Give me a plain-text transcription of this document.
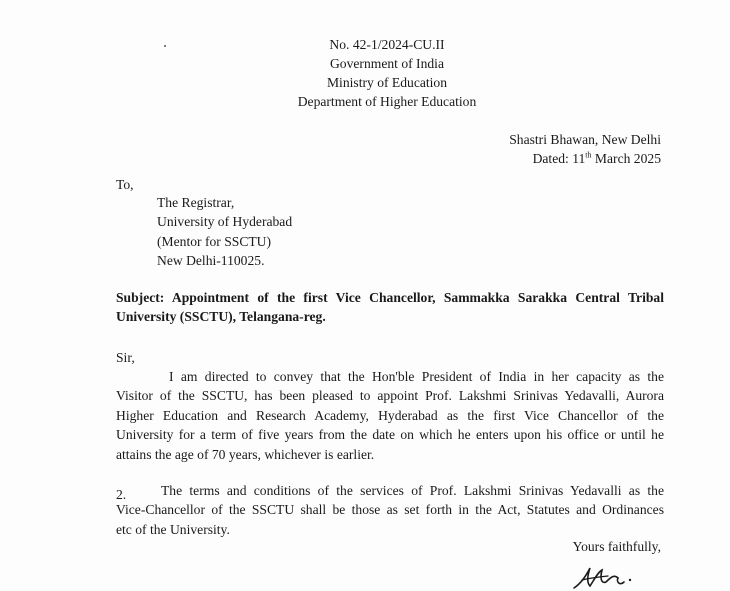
No. 42-1/2024-CU.II
Government of India
Ministry of Education
Department of Higher Education
Shastri Bhawan, New Delhi
Dated: 11th March 2025
To,
The Registrar,
University of Hyderabad
(Mentor for SSCTU)
New Delhi-110025.
Subject: Appointment of the first Vice Chancellor, Sammakka Sarakka Central Tribal
University (SSCTU), Telangana-reg.
Sir,
I am directed to convey that the Hon'ble President of India in her capacity as the
Visitor of the SSCTU, has been pleased to appoint Prof. Lakshmi Srinivas Yedavalli, Aurora
Higher Education and Research Academy, Hyderabad as the first Vice Chancellor of the
University for a term of five years from the date on which he enters upon his office or until he
attains the age of 70 years, whichever is earlier.
2.	The terms and conditions of the services of Prof. Lakshmi Srinivas Yedavalli as the
Vice-Chancellor of the SSCTU shall be those as set forth in the Act, Statutes and Ordinances
etc of the University.
Yours faithfully,
